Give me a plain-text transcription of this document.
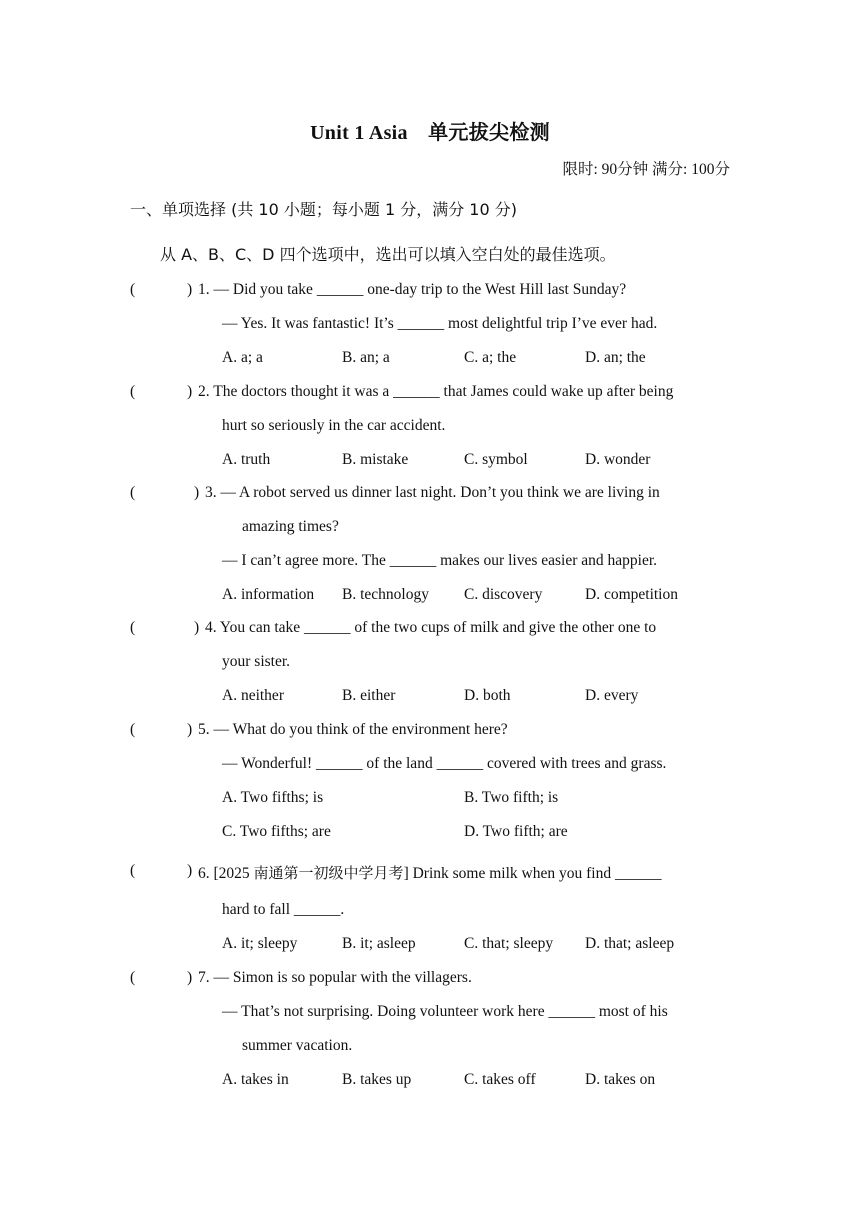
Unit 1 Asia　单元拔尖检测
限时: 90分钟 满分: 100分
一、单项选择 (共 10 小题；每小题 1 分，满分 10 分)
从 A、B、C、D 四个选项中，选出可以填入空白处的最佳选项。
(	) 1. — Did you take ______ one-day trip to the West Hill last Sunday?
— Yes. It was fantastic! It’s ______ most delightful trip I’ve ever had.
A. a; a	B. an; a	C. a; the	D. an; the
(	) 2. The doctors thought it was a ______ that James could wake up after being
hurt so seriously in the car accident.
A. truth	B. mistake	C. symbol	D. wonder
(	) 3. — A robot served us dinner last night. Don’t you think we are living in
amazing times?
— I can’t agree more. The ______ makes our lives easier and happier.
A. information B. technology C. discovery	D. competition
(	) 4. You can take ______ of the two cups of milk and give the other one to
your sister.
A. neither	B. either	D. both	D. every
(	) 5. — What do you think of the environment here?
— Wonderful! ______ of the land ______ covered with trees and grass.
A. Two fifths; is	B. Two fifth; is
C. Two fifths; are	D. Two fifth; are
(	) 6. [2025 南通第一初级中学月考] Drink some milk when you find ______
hard to fall ______.
A. it; sleepy	B. it; asleep	C. that; sleepy D. that; asleep
(	) 7. — Simon is so popular with the villagers.
— That’s not surprising. Doing volunteer work here ______ most of his
summer vacation.
A. takes in	B. takes up	C. takes off	D. takes on
